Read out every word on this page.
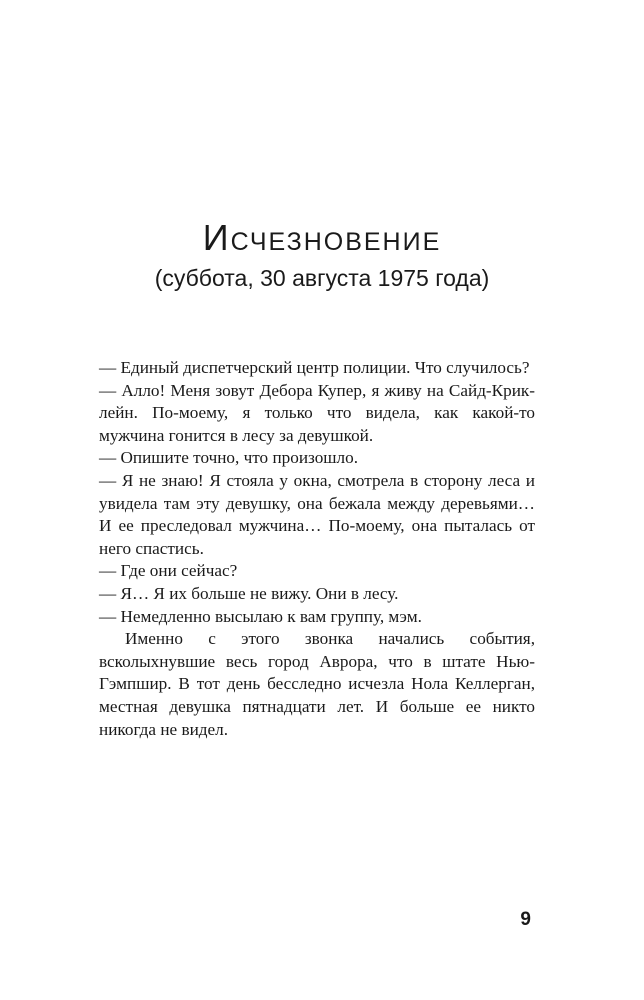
Исчезновение
(суббота, 30 августа 1975 года)

— Единый диспетчерский центр полиции. Что случилось?

— Алло! Меня зовут Дебора Купер, я живу на Сайд-Крик-лейн. По-моему, я только что видела, как какой-то мужчина гонится в лесу за девушкой.

— Опишите точно, что произошло.

— Я не знаю! Я стояла у окна, смотрела в сторону леса и увидела там эту девушку, она бежала между деревьями… И ее преследовал мужчина… По-моему, она пыталась от него спастись.

— Где они сейчас?

— Я… Я их больше не вижу. Они в лесу.

— Немедленно высылаю к вам группу, мэм.

Именно с этого звонка начались события, всколыхнувшие весь город Аврора, что в штате Нью-Гэмпшир. В тот день бесследно исчезла Нола Келлерган, местная девушка пятнадцати лет. И больше ее никто никогда не видел.

9
